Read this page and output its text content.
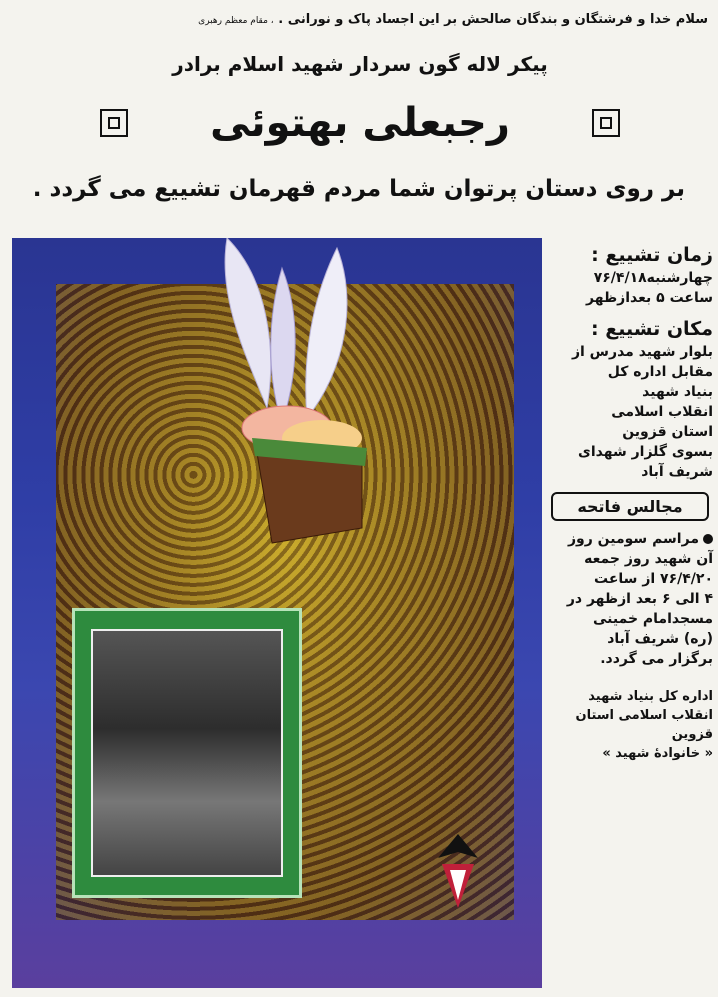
سلام خدا و فرشتگان و بندگان صالحش بر این اجساد پاک و نورانی . ، مقام معظم رهبری
پیکر لاله گون سردار شهید اسلام برادر
رجبعلی بهتوئی
بر روی دستان پرتوان شما مردم قهرمان تشییع می گردد .

زمان تشییع :

چهارشنبه۷۶/۴/۱۸

ساعت ۵ بعدازظهر

مکان تشییع :

بلوار شهید مدرس از

مقابل اداره کل

بنیاد شهید

انقلاب اسلامی

استان قزوین

بسوی گلزار شهدای

شریف آباد

مجالس فاتحه

مراسم سومین روز

آن شهید روز جمعه

۷۶/۴/۲۰ از ساعت

۴ الی ۶ بعد ازظهر در

مسجدامام خمینی

(ره) شریف آباد

برگزار می گردد.

اداره کل بنیاد شهید
انقلاب اسلامی استان قزوین
« خانوادهٔ شهید »
